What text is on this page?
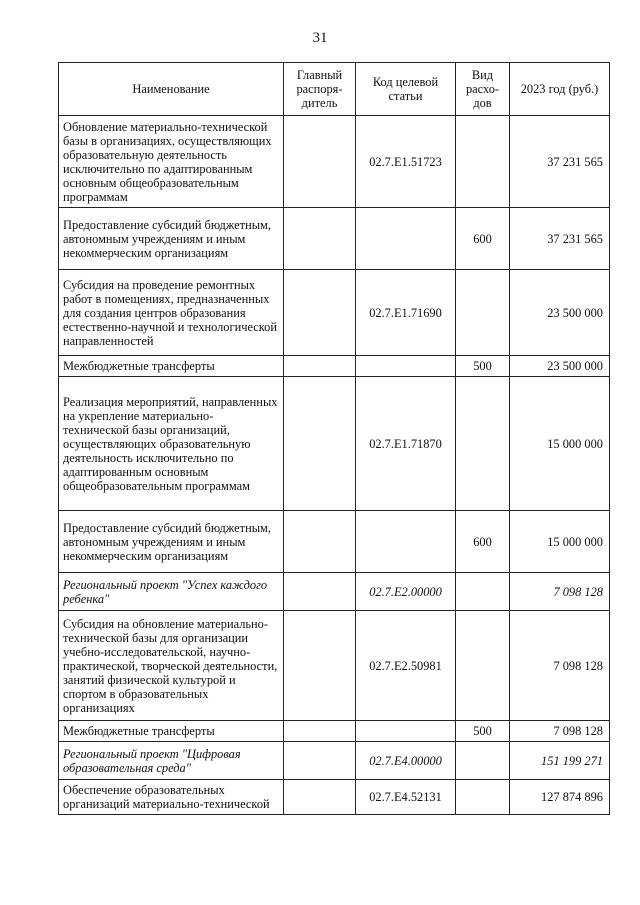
31
Наименование	Главный распоря-дитель	Код целевой статьи	Вид расхо-дов	2023 год (руб.)
Обновление материально-технической базы в организациях, осуществляющих образовательную деятельность исключительно по адаптированным основным общеобразовательным программам		02.7.E1.51723		37 231 565
Предоставление субсидий бюджетным, автономным учреждениям и иным некоммерческим организациям			600	37 231 565
Субсидия на проведение ремонтных работ в помещениях, предназначенных для создания центров образования естественно-научной и технологической направленностей		02.7.E1.71690		23 500 000
Межбюджетные трансферты			500	23 500 000
Реализация мероприятий, направленных на укрепление материально-технической базы организаций, осуществляющих образовательную деятельность исключительно по адаптированным основным общеобразовательным программам		02.7.E1.71870		15 000 000
Предоставление субсидий бюджетным, автономным учреждениям и иным некоммерческим организациям			600	15 000 000
Региональный проект "Успех каждого ребенка"		02.7.E2.00000		7 098 128
Субсидия на обновление материально-технической базы для организации учебно-исследовательской, научно-практической, творческой деятельности, занятий физической культурой и спортом в образовательных организациях		02.7.E2.50981		7 098 128
Межбюджетные трансферты			500	7 098 128
Региональный проект "Цифровая образовательная среда"		02.7.E4.00000		151 199 271
Обеспечение образовательных организаций материально-технической		02.7.E4.52131		127 874 896
